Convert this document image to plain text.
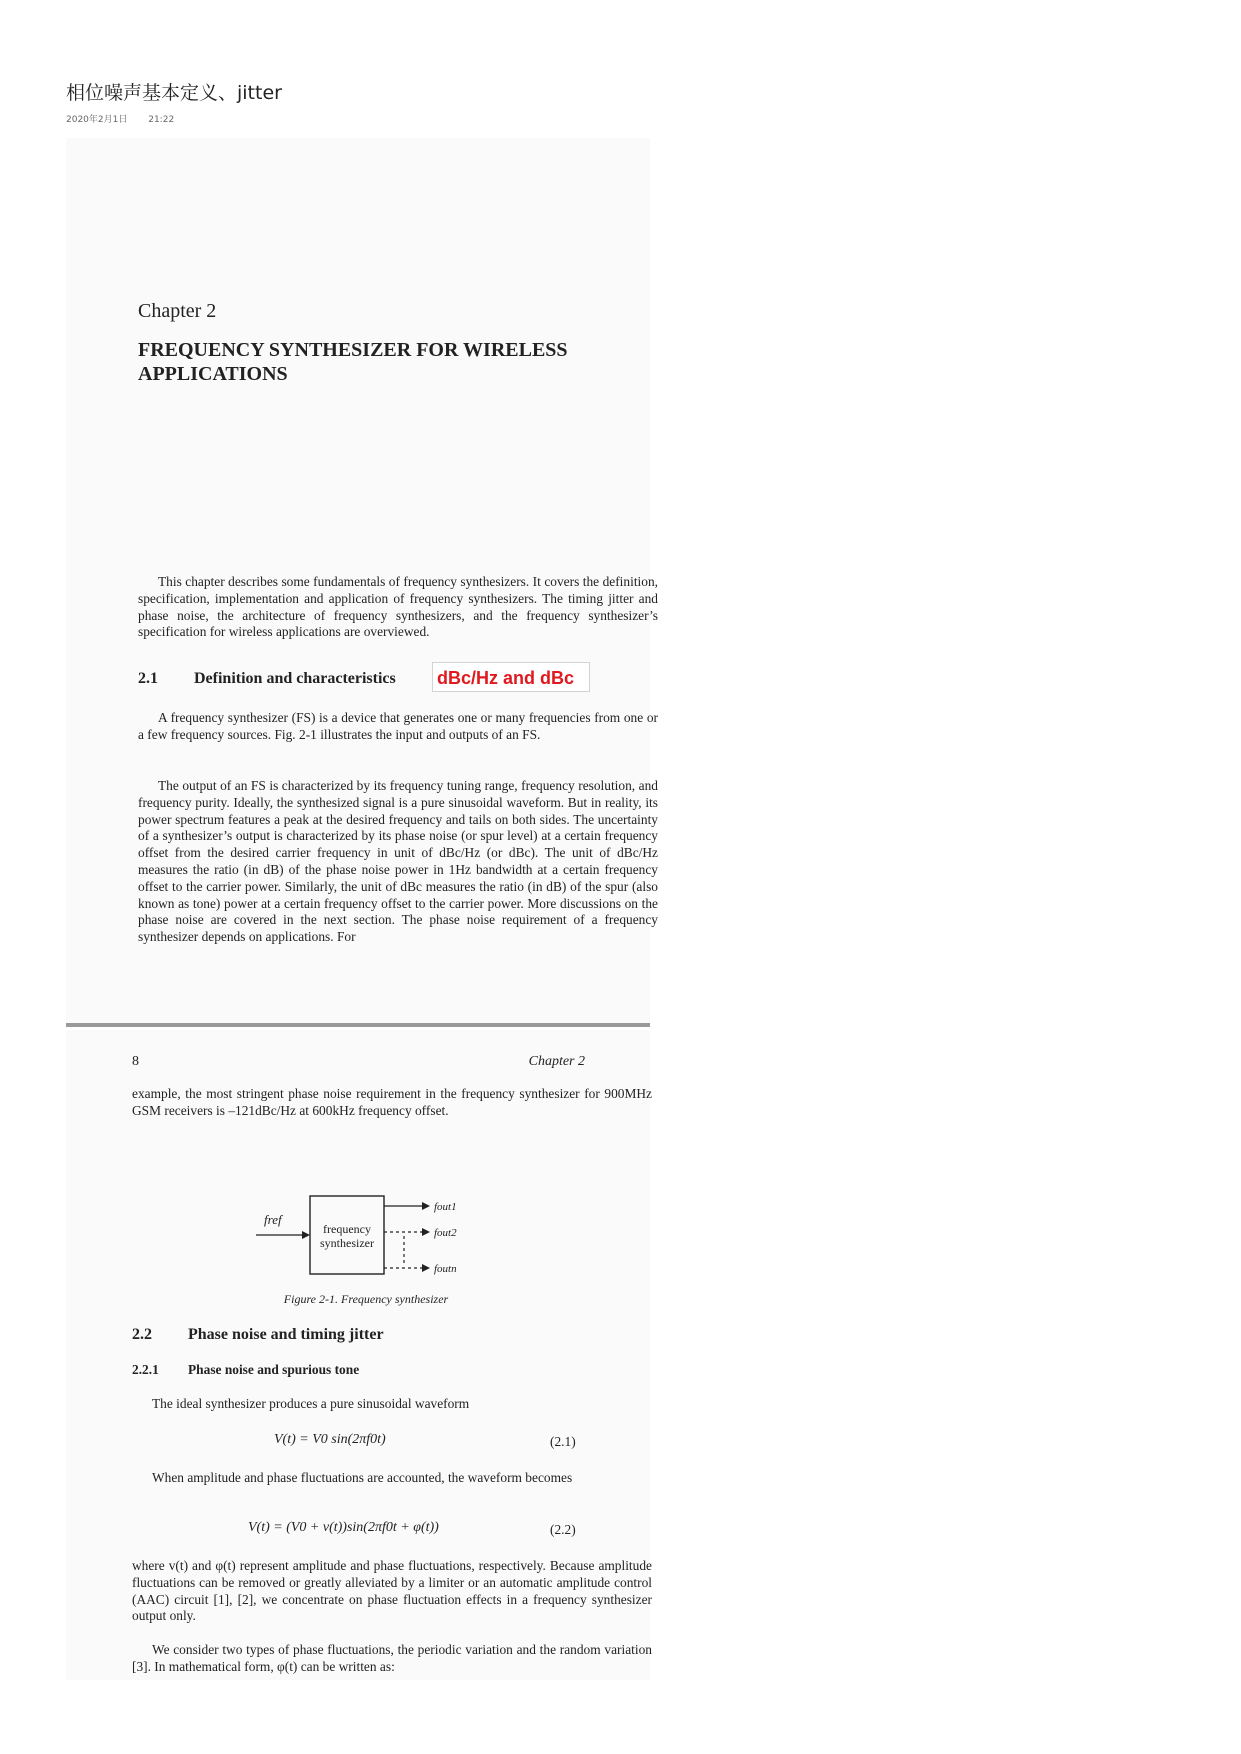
相位噪声基本定义、jitter
2020年2月1日 21:22
Chapter 2
FREQUENCY SYNTHESIZER FOR WIRELESS APPLICATIONS

This chapter describes some fundamentals of frequency synthesizers. It covers the definition, specification, implementation and application of frequency synthesizers. The timing jitter and phase noise, the architecture of frequency synthesizers, and the frequency synthesizer’s specification for wireless applications are overviewed.

2.1 Definition and characteristics dBc/Hz and dBc

A frequency synthesizer (FS) is a device that generates one or many frequencies from one or a few frequency sources. Fig. 2-1 illustrates the input and outputs of an FS.

The output of an FS is characterized by its frequency tuning range, frequency resolution, and frequency purity. Ideally, the synthesized signal is a pure sinusoidal waveform. But in reality, its power spectrum features a peak at the desired frequency and tails on both sides. The uncertainty of a synthesizer’s output is characterized by its phase noise (or spur level) at a certain frequency offset from the desired carrier frequency in unit of dBc/Hz (or dBc). The unit of dBc/Hz measures the ratio (in dB) of the phase noise power in 1Hz bandwidth at a certain frequency offset to the carrier power. Similarly, the unit of dBc measures the ratio (in dB) of the spur (also known as tone) power at a certain frequency offset to the carrier power. More discussions on the phase noise are covered in the next section. The phase noise requirement of a frequency synthesizer depends on applications. For

8	Chapter 2

example, the most stringent phase noise requirement in the frequency synthesizer for 900MHz GSM receivers is –121dBc/Hz at 600kHz frequency offset.

fref
frequency
synthesizer
fout1
fout2
foutn
Figure 2-1. Frequency synthesizer
2.2 Phase noise and timing jitter
2.2.1 Phase noise and spurious tone

The ideal synthesizer produces a pure sinusoidal waveform

V(t) = V0 sin(2πf0t)	(2.1)

When amplitude and phase fluctuations are accounted, the waveform becomes

V(t) = (V0 + v(t))sin(2πf0t + φ(t))	(2.2)

where v(t) and φ(t) represent amplitude and phase fluctuations, respectively. Because amplitude fluctuations can be removed or greatly alleviated by a limiter or an automatic amplitude control (AAC) circuit [1], [2], we concentrate on phase fluctuation effects in a frequency synthesizer output only.

We consider two types of phase fluctuations, the periodic variation and the random variation [3]. In mathematical form, φ(t) can be written as:
